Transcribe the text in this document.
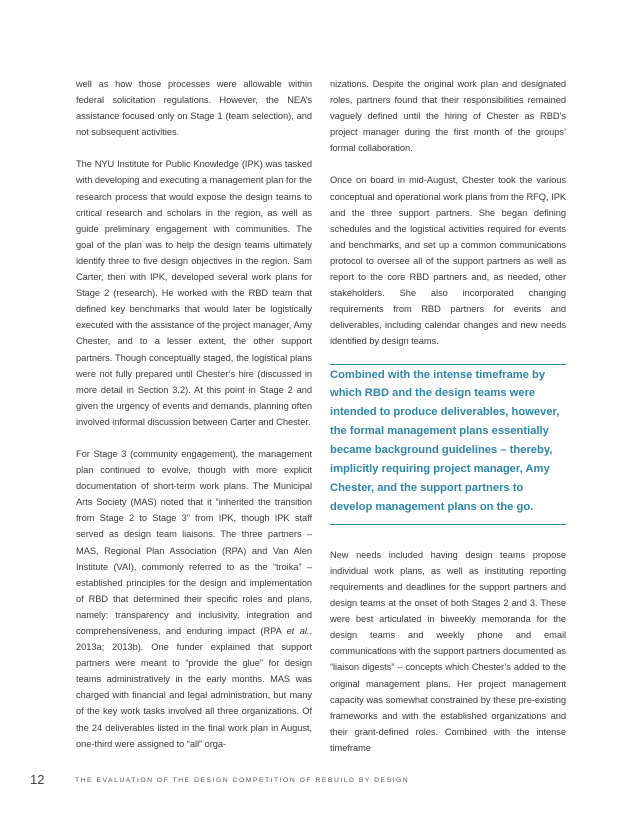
well as how those processes were allowable within federal solicitation regulations. However, the NEA’s assistance focused only on Stage 1 (team selection), and not subsequent activities.

The NYU Institute for Public Knowledge (IPK) was tasked with developing and executing a management plan for the research process that would expose the design teams to critical research and scholars in the region, as well as guide preliminary engagement with communities. The goal of the plan was to help the design teams ultimately identify three to five design objectives in the region. Sam Carter, then with IPK, developed several work plans for Stage 2 (research). He worked with the RBD team that defined key benchmarks that would later be logistically executed with the assistance of the project manager, Amy Chester, and to a lesser extent, the other support partners. Though conceptually staged, the logistical plans were not fully prepared until Chester’s hire (discussed in more detail in Section 3.2). At this point in Stage 2 and given the urgency of events and demands, planning often involved informal discussion between Carter and Chester.

For Stage 3 (community engagement), the management plan continued to evolve, though with more explicit documentation of short-term work plans. The Municipal Arts Society (MAS) noted that it “inherited the transition from Stage 2 to Stage 3” from IPK, though IPK staff served as design team liaisons. The three partners – MAS, Regional Plan Association (RPA) and Van Alen Institute (VAI), commonly referred to as the “troika” – established principles for the design and implementation of RBD that determined their specific roles and plans, namely: transparency and inclusivity, integration and comprehensiveness, and enduring impact (RPA et al., 2013a; 2013b). One funder explained that support partners were meant to “provide the glue” for design teams administratively in the early months. MAS was charged with financial and legal administration, but many of the key work tasks involved all three organizations. Of the 24 deliverables listed in the final work plan in August, one-third were assigned to “all” orga-

nizations. Despite the original work plan and designated roles, partners found that their responsibilities remained vaguely defined until the hiring of Chester as RBD’s project manager during the first month of the groups’ formal collaboration.

Once on board in mid-August, Chester took the various conceptual and operational work plans from the RFQ, IPK and the three support partners. She began defining schedules and the logistical activities required for events and benchmarks, and set up a common communications protocol to oversee all of the support partners as well as report to the core RBD partners and, as needed, other stakeholders. She also incorporated changing requirements from RBD partners for events and deliverables, including calendar changes and new needs identified by design teams.

Combined with the intense timeframe by which RBD and the design teams were intended to produce deliverables, however, the formal management plans essentially became background guidelines – thereby, implicitly requiring project manager, Amy Chester, and the support partners to develop management plans on the go.

New needs included having design teams propose individual work plans, as well as instituting reporting requirements and deadlines for the support partners and design teams at the onset of both Stages 2 and 3. These were best articulated in biweekly memoranda for the design teams and weekly phone and email communications with the support partners documented as “liaison digests” – concepts which Chester’s added to the original management plans. Her project management capacity was somewhat constrained by these pre-existing frameworks and with the established organizations and their grant-defined roles. Combined with the intense timeframe

12	THE EVALUATION OF THE DESIGN COMPETITION OF REBUILD BY DESIGN
